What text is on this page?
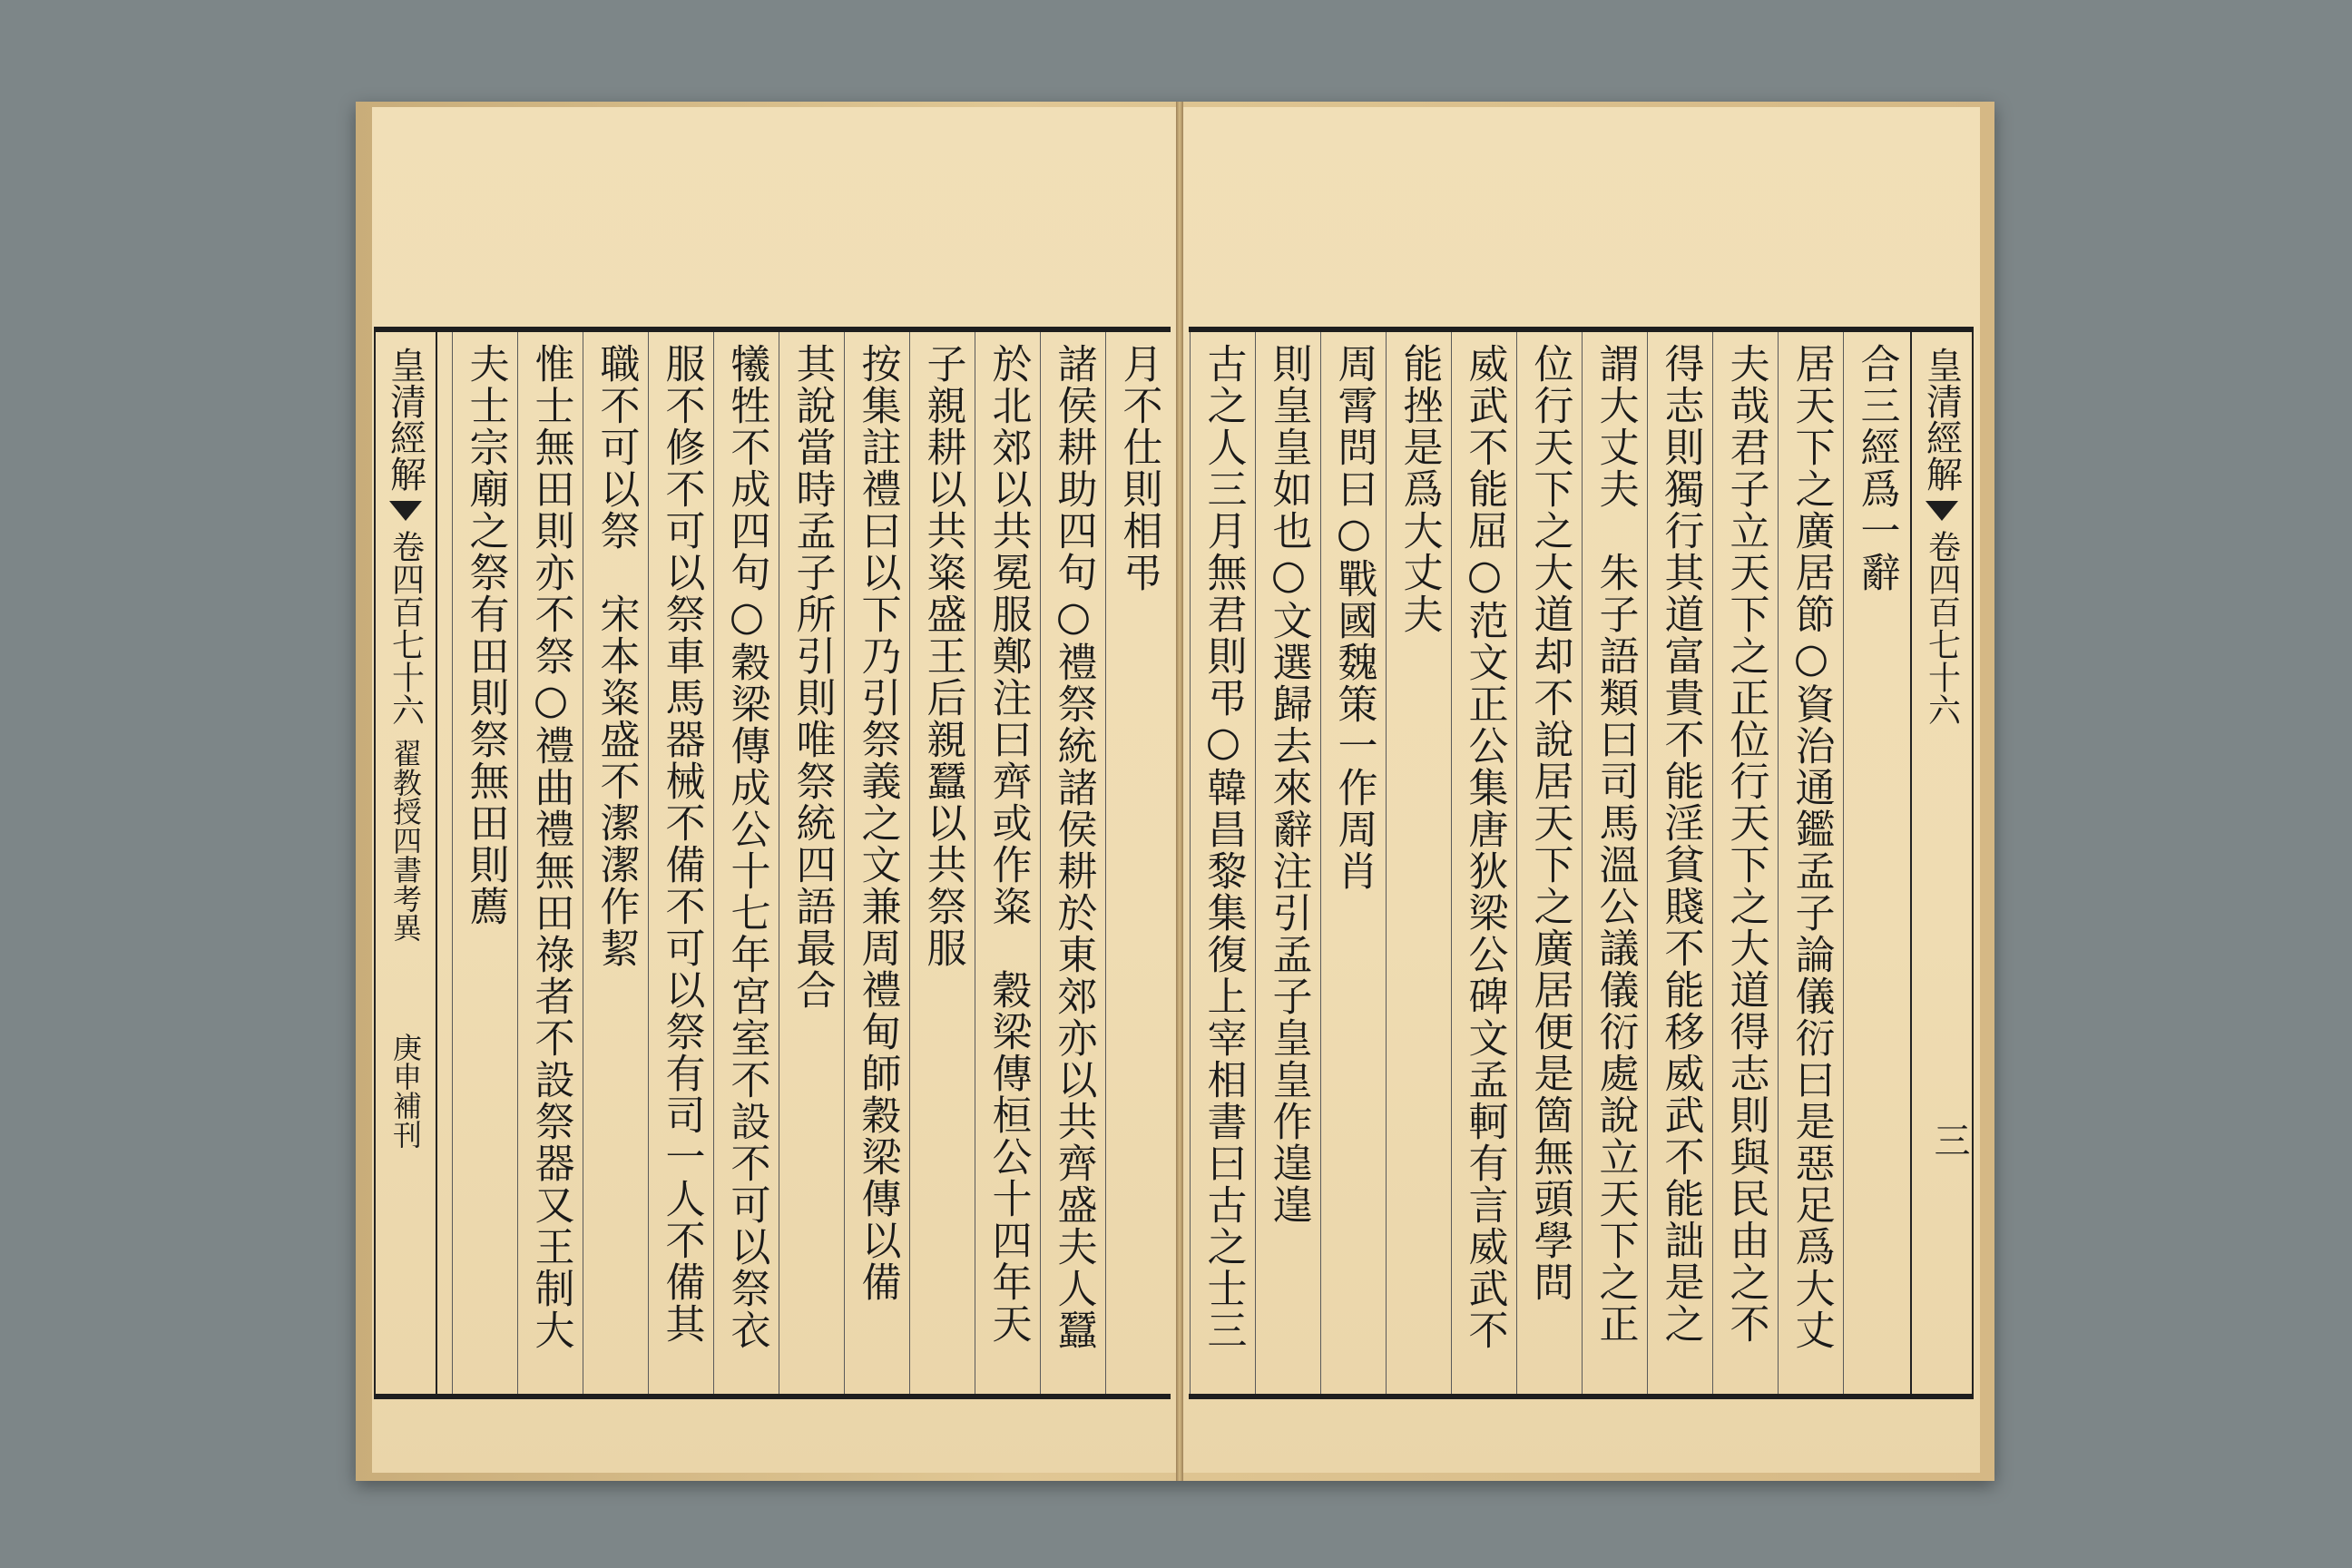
皇清經解
卷四百七十六
三
合三經爲一辭
居天下之廣居節○資治通鑑孟子論儀衍曰是惡足爲大丈
夫哉君子立天下之正位行天下之大道得志則與民由之不
得志則獨行其道富貴不能淫貧賤不能移威武不能詘是之
謂大丈夫　朱子語類曰司馬溫公議儀衍處說立天下之正
位行天下之大道却不說居天下之廣居便是箇無頭學問
威武不能屈○范文正公集唐狄梁公碑文孟軻有言威武不
能挫是爲大丈夫
周霄問曰○戰國魏策一作周肖
則皇皇如也○文選歸去來辭注引孟子皇皇作遑遑
古之人三月無君則弔○韓昌黎集復上宰相書曰古之士三
月不仕則相弔
諸侯耕助四句○禮祭統諸侯耕於東郊亦以共齊盛夫人蠶
於北郊以共冕服鄭注曰齊或作粢　穀梁傳桓公十四年天
子親耕以共粢盛王后親蠶以共祭服
按集註禮曰以下乃引祭義之文兼周禮甸師穀梁傳以備
其說當時孟子所引則唯祭統四語最合
犧牲不成四句○穀梁傳成公十七年宮室不設不可以祭衣
服不修不可以祭車馬器械不備不可以祭有司一人不備其
職不可以祭　宋本粢盛不潔潔作絜
惟士無田則亦不祭○禮曲禮無田祿者不設祭器又王制大
夫士宗廟之祭有田則祭無田則薦
皇清經解
卷四百七十六
翟教授四書考異
庚申補刊
